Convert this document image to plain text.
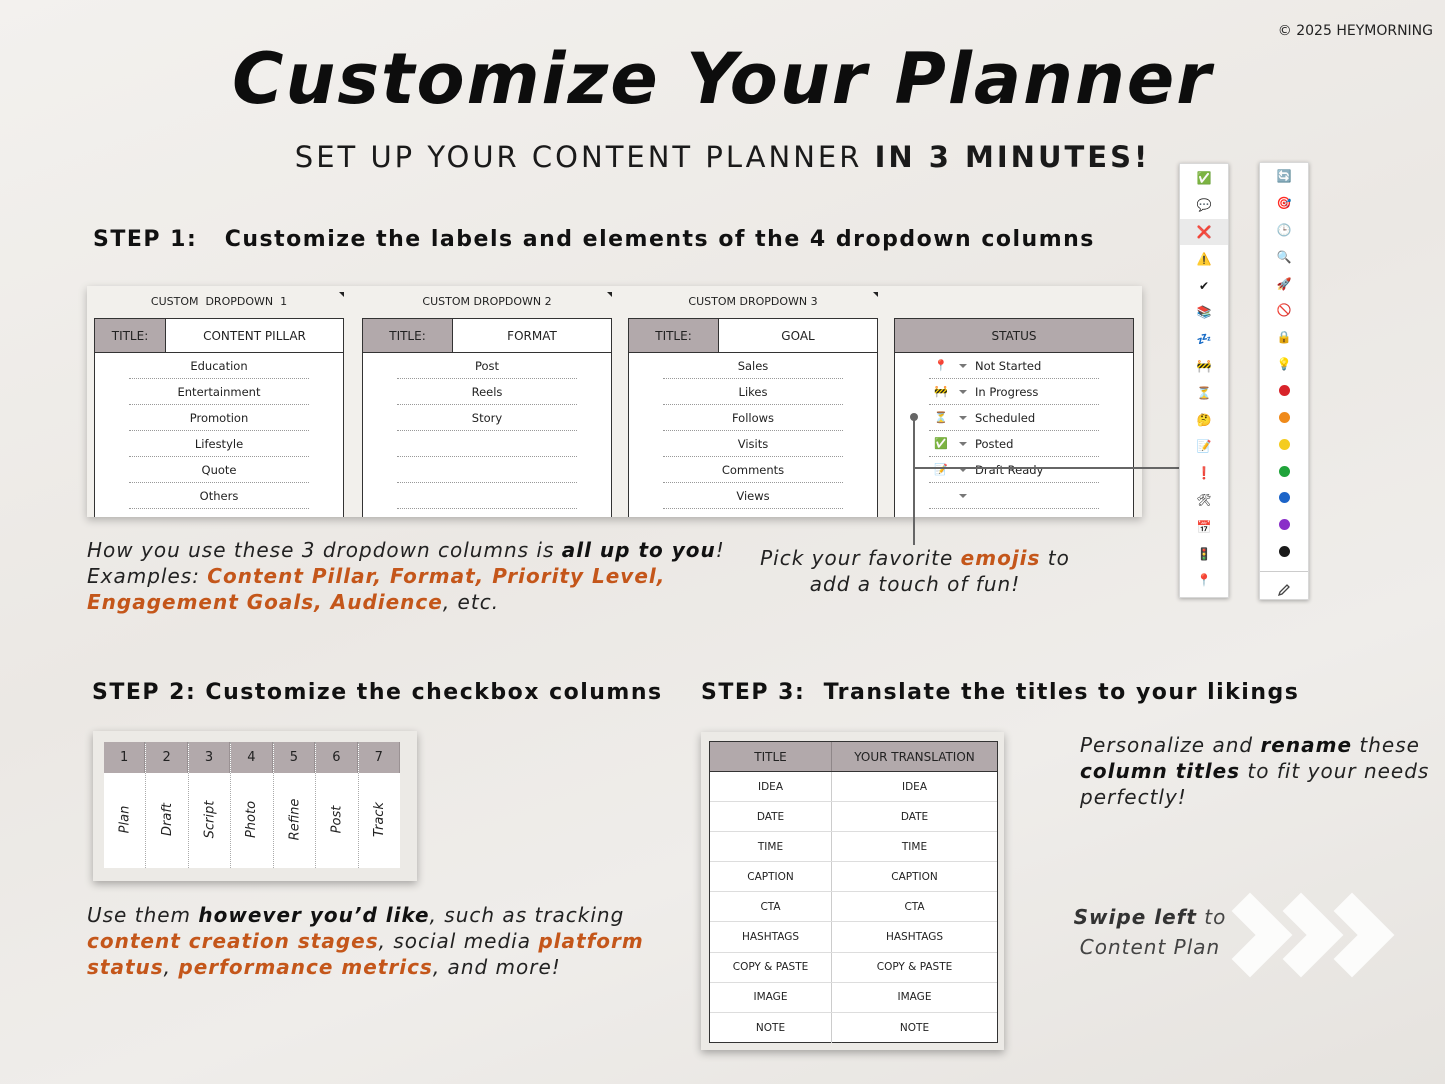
© 2025 HEYMORNING
Customize Your Planner
SET UP YOUR CONTENT PLANNER IN 3 MINUTES!
STEP 1:   Customize the labels and elements of the 4 dropdown columns
CUSTOM  DROPDOWN  1
TITLE:	CONTENT PILLAR
Education
Entertainment
Promotion
Lifestyle
Quote
Others
CUSTOM DROPDOWN 2
TITLE:	FORMAT
Post
Reels
Story
CUSTOM DROPDOWN 3
TITLE:	GOAL
Sales
Likes
Follows
Visits
Comments
Views
STATUS
📍	Not Started
🚧	In Progress
⏳	Scheduled
✅	Posted
📝	Draft Ready
How you use these 3 dropdown columns is all up to you!
Examples: Content Pillar, Format, Priority Level,
Engagement Goals, Audience, etc.
Pick your favorite emojis to
add a touch of fun!
✅
💬
❌
⚠️
✔
📚
💤
🚧
⏳
🤔
📝
❗
🛠
📅
🚦
📍
🔄
🎯
🕒
🔍
🚀
🚫
🔒
💡
STEP 2: Customize the checkbox columns
1
Plan
2
Draft
3
Script
4
Photo
5
Refine
6
Post
7
Track
Use them however you’d like, such as tracking
content creation stages, social media platform
status, performance metrics, and more!
STEP 3:  Translate the titles to your likings
TITLE	YOUR TRANSLATION
IDEA	IDEA
DATE	DATE
TIME	TIME
CAPTION	CAPTION
CTA	CTA
HASHTAGS	HASHTAGS
COPY & PASTE	COPY & PASTE
IMAGE	IMAGE
NOTE	NOTE
Personalize and rename these
column titles to fit your needs
perfectly!
Swipe left to
Content Plan
